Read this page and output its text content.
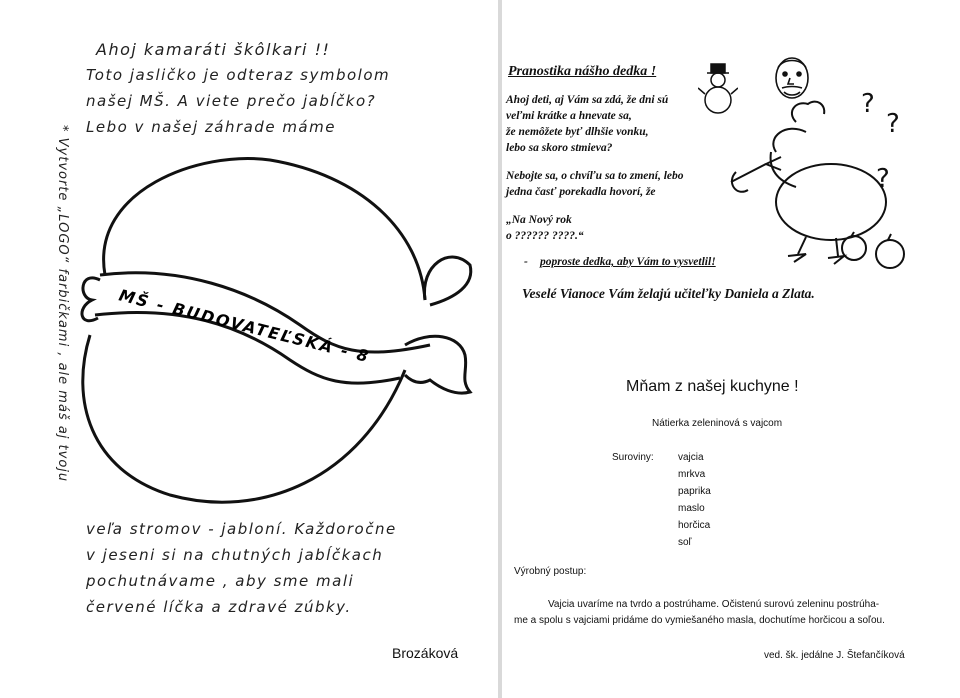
Ahoj kamaráti škôlkari !!
Toto jasličko je odteraz symbolom
našej MŠ. A viete prečo jabĺčko?
Lebo v našej záhrade máme
* Vytvorte „LOGO“ farbičkami , ale máš aj tvoju	MŠ - BUDOVATEĽSKÁ - 8
veľa stromov - jabloní. Každoročne
v jeseni si na chutných jabĺčkach
pochutnávame , aby sme mali
červené líčka a zdravé zúbky.
Brozáková
Pranostika nášho dedka !
Ahoj deti, aj Vám sa zdá, že dni sú
veľmi krátke a hnevatе sa,
že nemôžete byť dlhšie vonku,
lebo sa skoro stmieva?
Nebojte sa, o chvíľu sa to zmení, lebo
jedna časť porekadla hovorí, že
„Na Nový rok
o ?????? ????.“
- poproste dedka, aby Vám to vysvetlil!
Veselé Vianoce Vám želajú učiteľky Daniela a Zlata.
?
?
?
Mňam z našej kuchyne !
Nátierka zeleninová s vajcom
Suroviny: vajcia
mrkva
paprika
maslo
horčica
soľ
Výrobný postup:
Vajcia uvaríme na tvrdo a postrúhame. Očistenú surovú zeleninu postrúha-
me a spolu s vajciami pridáme do vymiešaného masla, dochutíme horčicou a soľou.
ved. šk. jedálne J. Štefančíková
